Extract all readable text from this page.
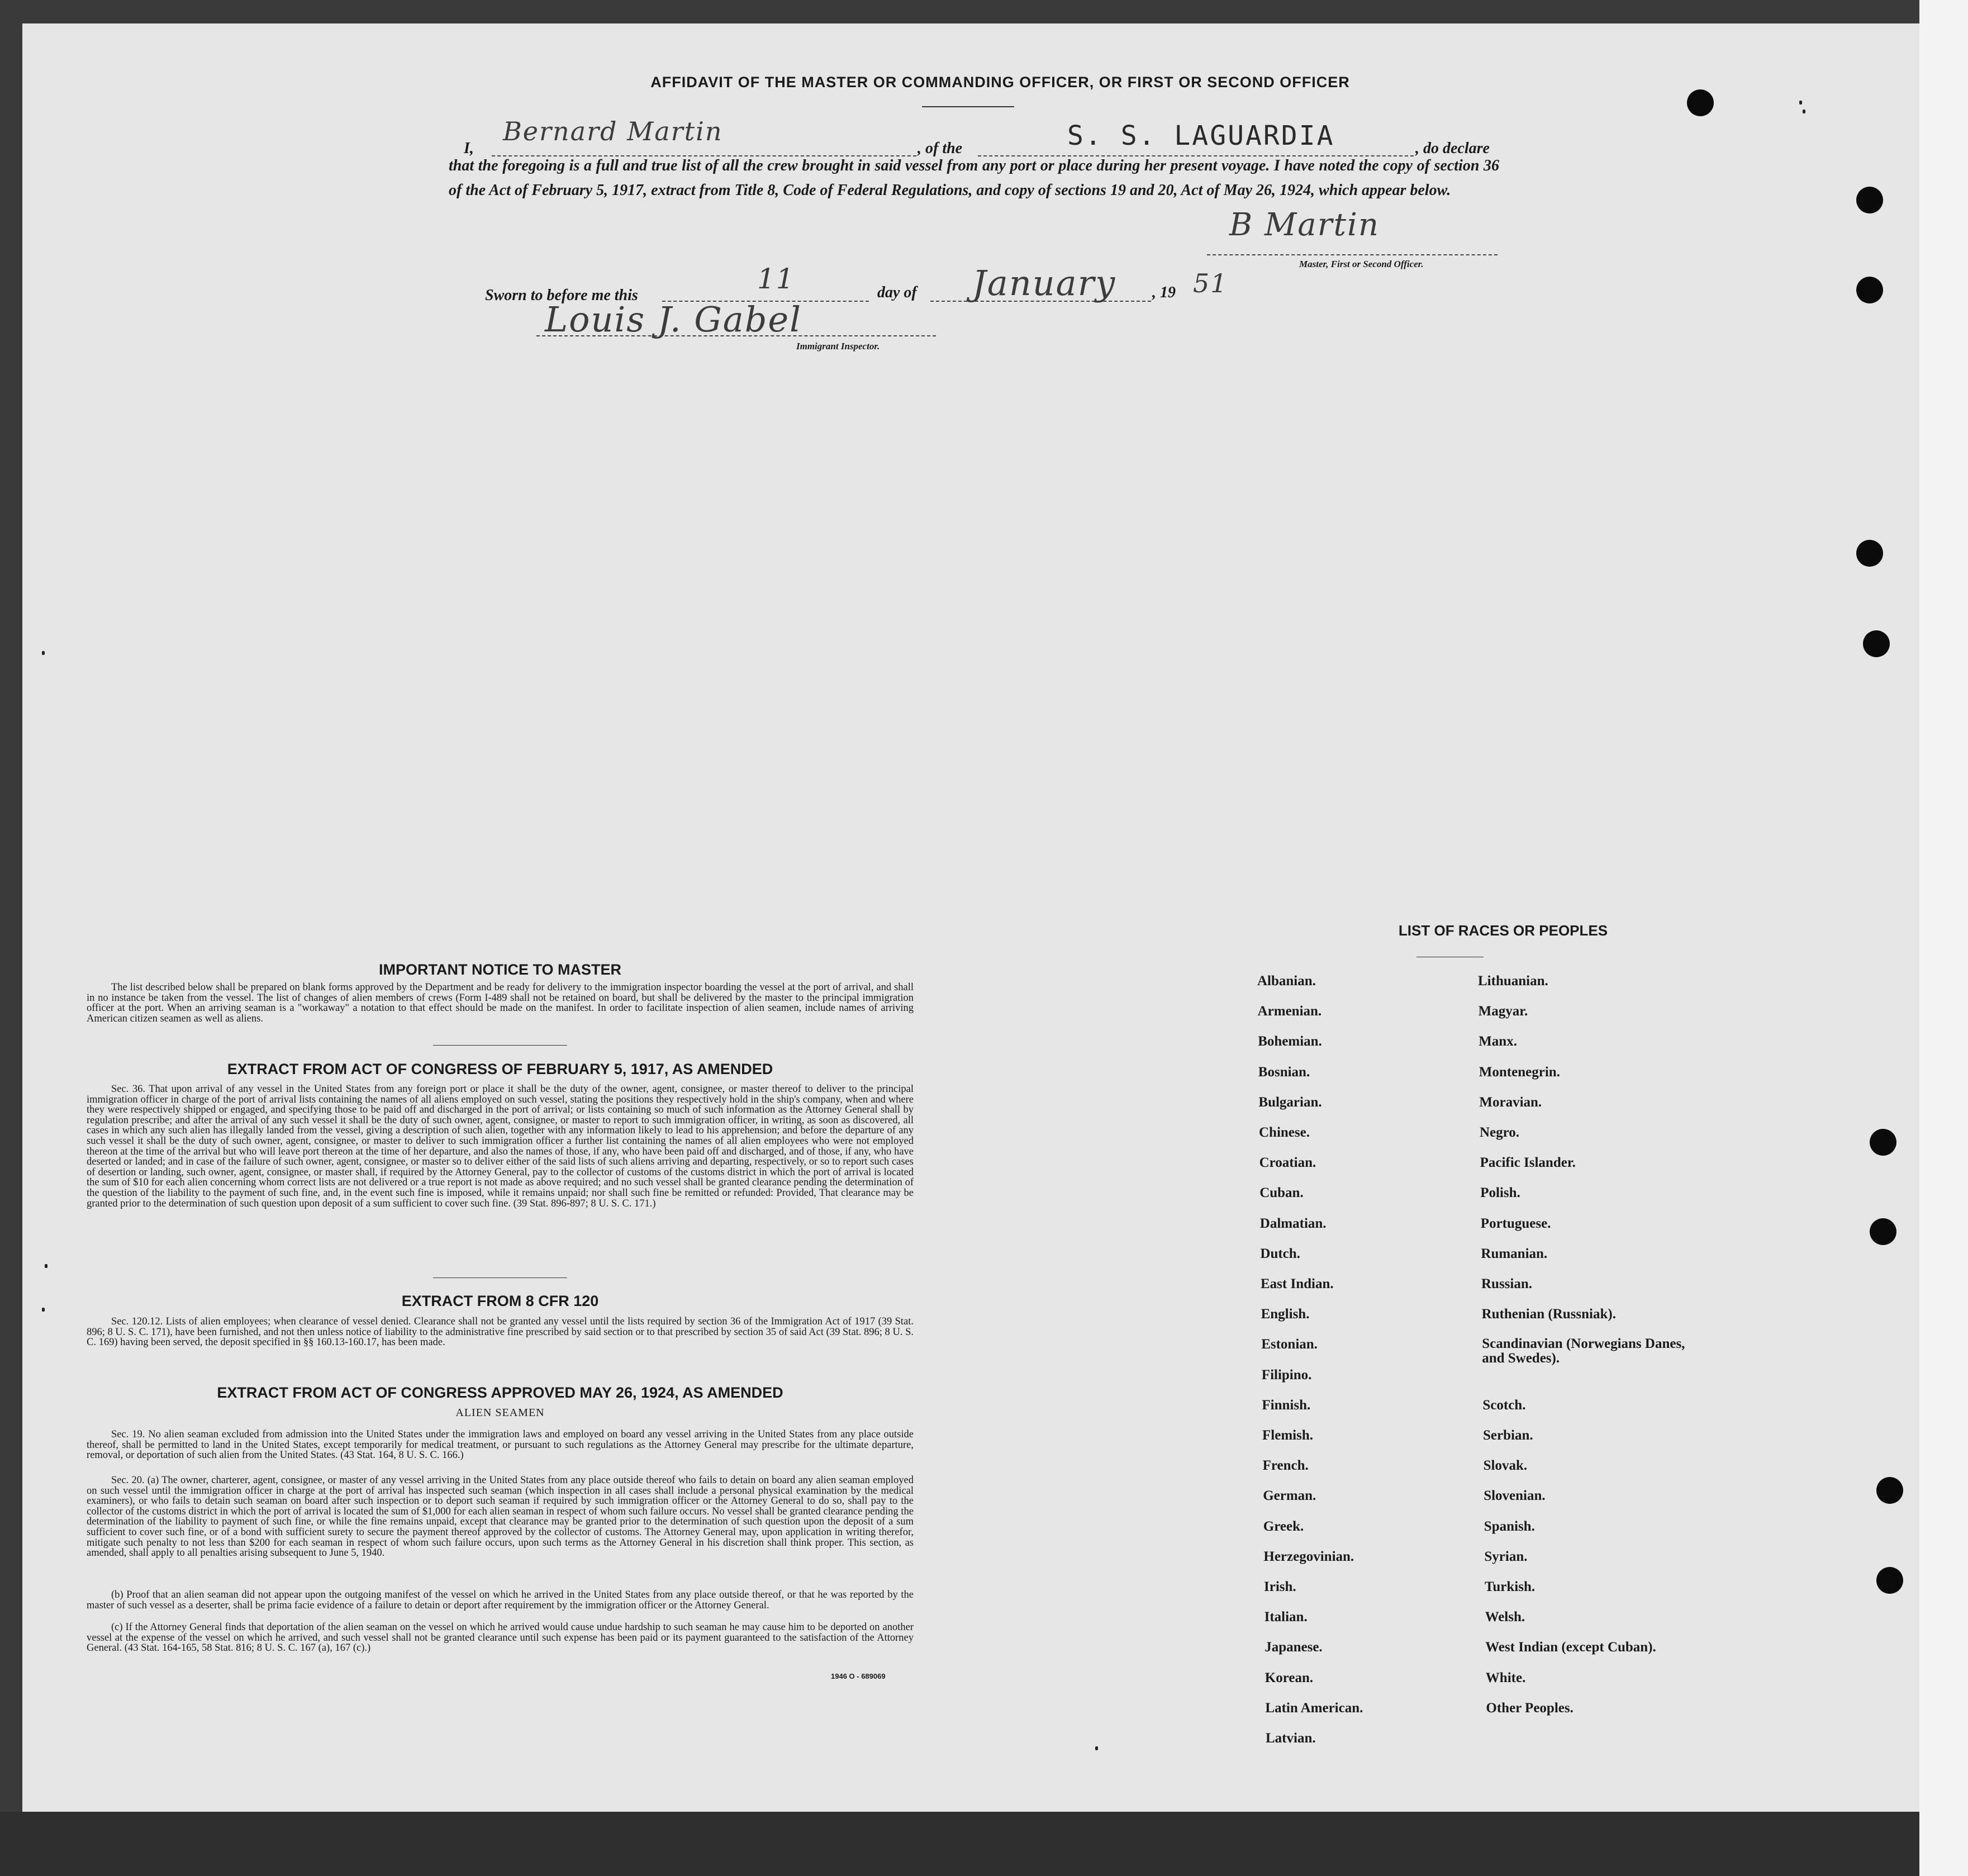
AFFIDAVIT OF THE MASTER OR COMMANDING OFFICER, OR FIRST OR SECOND OFFICER
I,
Bernard Martin
, of the	S. S. LAGUARDIA	, do declare
that the foregoing is a full and true list of all the crew brought in said vessel from any port or place during her present voyage. I have noted the copy of section 36 of the Act of February 5, 1917, extract from Title 8, Code of Federal Regulations, and copy of sections 19 and 20, Act of May 26, 1924, which appear below.
B Martin
Master, First or Second Officer.
Sworn to before me this
11	day of January , 19 51
Louis J. Gabel
Immigrant Inspector.
IMPORTANT NOTICE TO MASTER
The list described below shall be prepared on blank forms approved by the Department and be ready for delivery to the immigration inspector boarding the vessel at the port of arrival, and shall in no instance be taken from the vessel. The list of changes of alien members of crews (Form I-489 shall not be retained on board, but shall be delivered by the master to the principal immigration officer at the port. When an arriving seaman is a "workaway" a notation to that effect should be made on the manifest. In order to facilitate inspection of alien seamen, include names of arriving American citizen seamen as well as aliens.
EXTRACT FROM ACT OF CONGRESS OF FEBRUARY 5, 1917, AS AMENDED
Sec. 36. That upon arrival of any vessel in the United States from any foreign port or place it shall be the duty of the owner, agent, consignee, or master thereof to deliver to the principal immigration officer in charge of the port of arrival lists containing the names of all aliens employed on such vessel, stating the positions they respectively hold in the ship's company, when and where they were respectively shipped or engaged, and specifying those to be paid off and discharged in the port of arrival; or lists containing so much of such information as the Attorney General shall by regulation prescribe; and after the arrival of any such vessel it shall be the duty of such owner, agent, consignee, or master to report to such immigration officer, in writing, as soon as discovered, all cases in which any such alien has illegally landed from the vessel, giving a description of such alien, together with any information likely to lead to his apprehension; and before the departure of any such vessel it shall be the duty of such owner, agent, consignee, or master to deliver to such immigration officer a further list containing the names of all alien employees who were not employed thereon at the time of the arrival but who will leave port thereon at the time of her departure, and also the names of those, if any, who have been paid off and discharged, and of those, if any, who have deserted or landed; and in case of the failure of such owner, agent, consignee, or master so to deliver either of the said lists of such aliens arriving and departing, respectively, or so to report such cases of desertion or landing, such owner, agent, consignee, or master shall, if required by the Attorney General, pay to the collector of customs of the customs district in which the port of arrival is located the sum of $10 for each alien concerning whom correct lists are not delivered or a true report is not made as above required; and no such vessel shall be granted clearance pending the determination of the question of the liability to the payment of such fine, and, in the event such fine is imposed, while it remains unpaid; nor shall such fine be remitted or refunded: Provided, That clearance may be granted prior to the determination of such question upon deposit of a sum sufficient to cover such fine. (39 Stat. 896-897; 8 U. S. C. 171.)
EXTRACT FROM 8 CFR 120
Sec. 120.12. Lists of alien employees; when clearance of vessel denied. Clearance shall not be granted any vessel until the lists required by section 36 of the Immigration Act of 1917 (39 Stat. 896; 8 U. S. C. 171), have been furnished, and not then unless notice of liability to the administrative fine prescribed by said section or to that prescribed by section 35 of said Act (39 Stat. 896; 8 U. S. C. 169) having been served, the deposit specified in §§ 160.13-160.17, has been made.
EXTRACT FROM ACT OF CONGRESS APPROVED MAY 26, 1924, AS AMENDED
ALIEN SEAMEN
Sec. 19. No alien seaman excluded from admission into the United States under the immigration laws and employed on board any vessel arriving in the United States from any place outside thereof, shall be permitted to land in the United States, except temporarily for medical treatment, or pursuant to such regulations as the Attorney General may prescribe for the ultimate departure, removal, or deportation of such alien from the United States. (43 Stat. 164, 8 U. S. C. 166.)
Sec. 20. (a) The owner, charterer, agent, consignee, or master of any vessel arriving in the United States from any place outside thereof who fails to detain on board any alien seaman employed on such vessel until the immigration officer in charge at the port of arrival has inspected such seaman (which inspection in all cases shall include a personal physical examination by the medical examiners), or who fails to detain such seaman on board after such inspection or to deport such seaman if required by such immigration officer or the Attorney General to do so, shall pay to the collector of the customs district in which the port of arrival is located the sum of $1,000 for each alien seaman in respect of whom such failure occurs. No vessel shall be granted clearance pending the determination of the liability to payment of such fine, or while the fine remains unpaid, except that clearance may be granted prior to the determination of such question upon the deposit of a sum sufficient to cover such fine, or of a bond with sufficient surety to secure the payment thereof approved by the collector of customs. The Attorney General may, upon application in writing therefor, mitigate such penalty to not less than $200 for each seaman in respect of whom such failure occurs, upon such terms as the Attorney General in his discretion shall think proper. This section, as amended, shall apply to all penalties arising subsequent to June 5, 1940.
(b) Proof that an alien seaman did not appear upon the outgoing manifest of the vessel on which he arrived in the United States from any place outside thereof, or that he was reported by the master of such vessel as a deserter, shall be prima facie evidence of a failure to detain or deport after requirement by the immigration officer or the Attorney General.
(c) If the Attorney General finds that deportation of the alien seaman on the vessel on which he arrived would cause undue hardship to such seaman he may cause him to be deported on another vessel at the expense of the vessel on which he arrived, and such vessel shall not be granted clearance until such expense has been paid or its payment guaranteed to the satisfaction of the Attorney General. (43 Stat. 164-165, 58 Stat. 816; 8 U. S. C. 167 (a), 167 (c).)
1946 O - 689069
LIST OF RACES OR PEOPLES
Albanian.
Armenian.
Bohemian.
Bosnian.
Bulgarian.
Chinese.
Croatian.
Cuban.
Dalmatian.
Dutch.
East Indian.
English.
Estonian.
Filipino.
Finnish.
Flemish.
French.
German.
Greek.
Herzegovinian.
Irish.
Italian.
Japanese.
Korean.
Latin American.
Latvian.
Lithuanian.
Magyar.
Manx.
Montenegrin.
Moravian.
Negro.
Pacific Islander.
Polish.
Portuguese.
Rumanian.
Russian.
Ruthenian (Russniak).
Scandinavian (Norwegians Danes, and Swedes).
Scotch.
Serbian.
Slovak.
Slovenian.
Spanish.
Syrian.
Turkish.
Welsh.
West Indian (except Cuban).
White.
Other Peoples.
